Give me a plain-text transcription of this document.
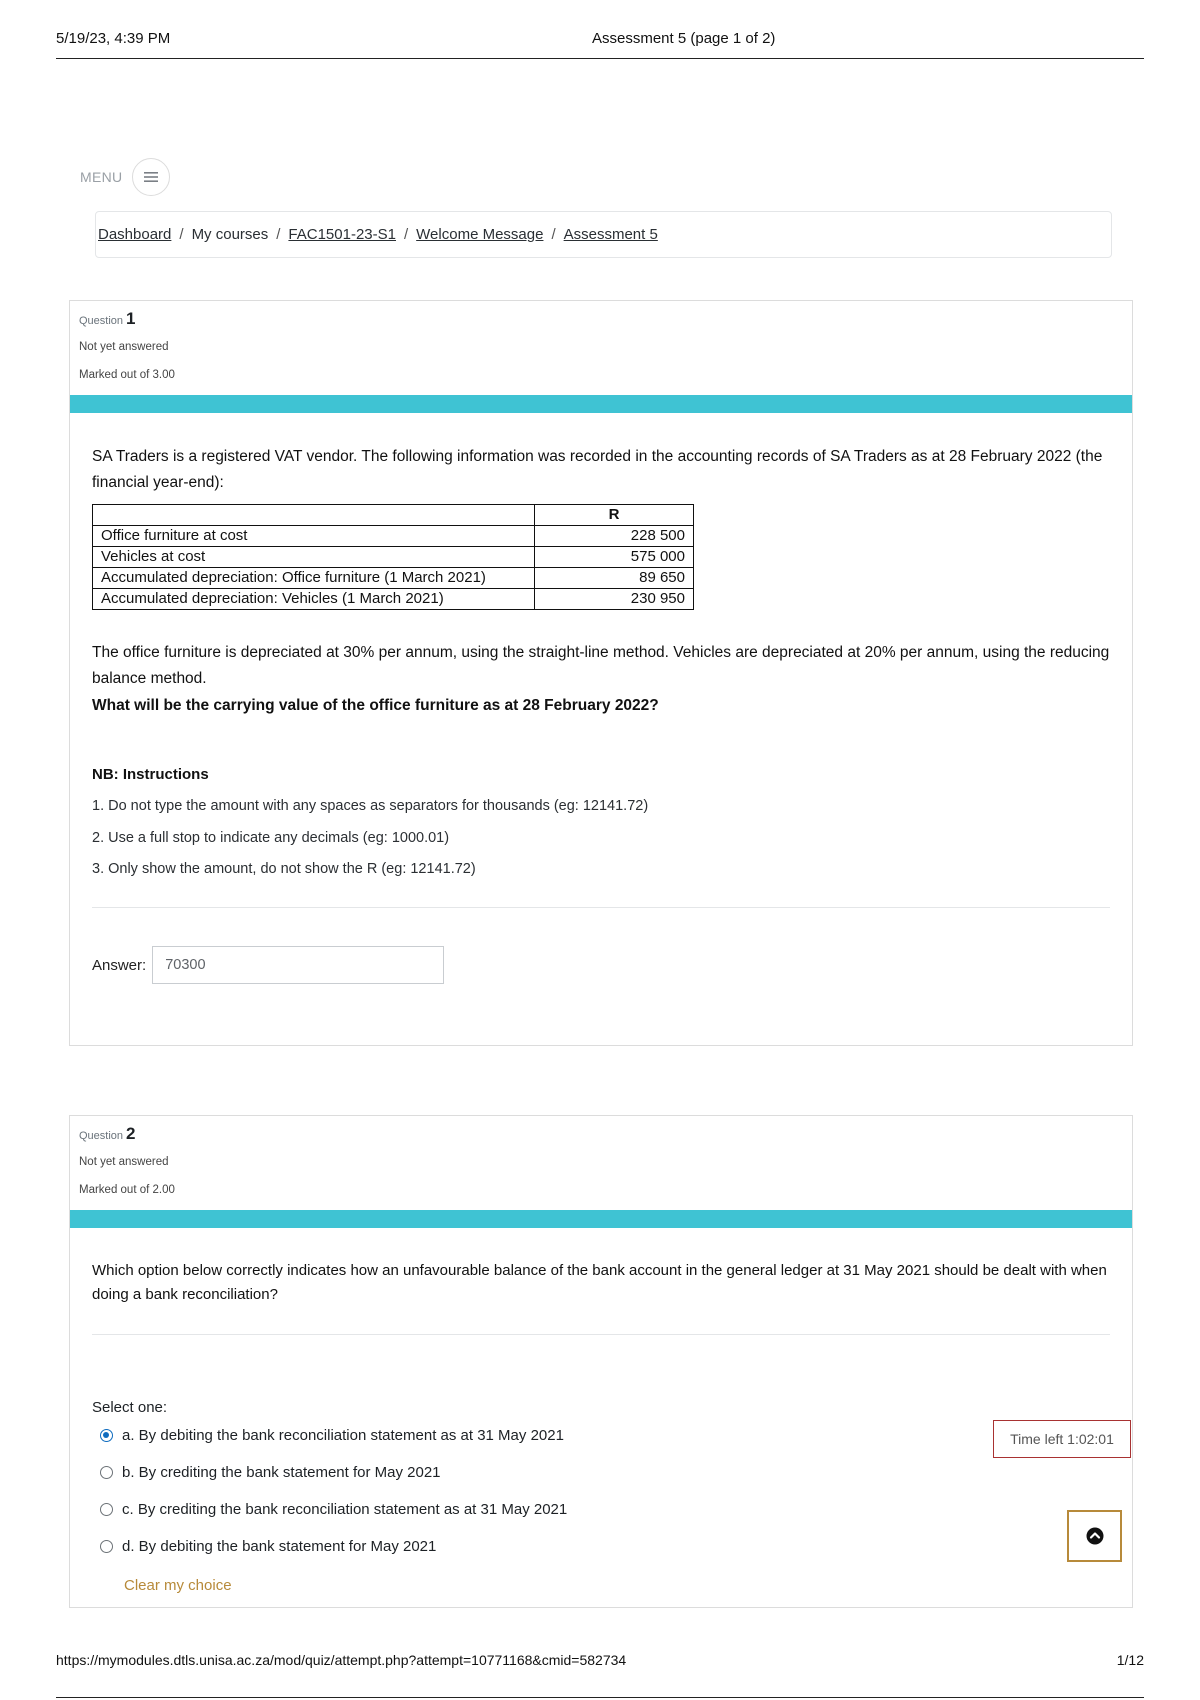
5/19/23, 4:39 PM	Assessment 5 (page 1 of 2)
MENU
Dashboard / My courses / FAC1501-23-S1 / Welcome Message / Assessment 5
Question 1
Not yet answered
Marked out of 3.00

SA Traders is a registered VAT vendor. The following information was recorded in the accounting records of SA Traders as at 28 February 2022 (the financial year-end):

	R
Office furniture at cost	228 500
Vehicles at cost	575 000
Accumulated depreciation: Office furniture (1 March 2021)	89 650
Accumulated depreciation: Vehicles (1 March 2021)	230 950

The office furniture is depreciated at 30% per annum, using the straight-line method. Vehicles are depreciated at 20% per annum, using the reducing balance method.

What will be the carrying value of the office furniture as at 28 February 2022?

NB: Instructions

1. Do not type the amount with any spaces as separators for thousands (eg: 12141.72)

2. Use a full stop to indicate any decimals (eg: 1000.01)

3. Only show the amount, do not show the R (eg: 12141.72)

Answer:
70300
Question 2
Not yet answered
Marked out of 2.00

Which option below correctly indicates how an unfavourable balance of the bank account in the general ledger at 31 May 2021 should be dealt with when doing a bank reconciliation?

Select one:
a. By debiting the bank reconciliation statement as at 31 May 2021
b. By crediting the bank statement for May 2021
c. By crediting the bank reconciliation statement as at 31 May 2021
d. By debiting the bank statement for May 2021
Clear my choice
Time left 1:02:01
https://mymodules.dtls.unisa.ac.za/mod/quiz/attempt.php?attempt=10771168&cmid=582734	1/12
